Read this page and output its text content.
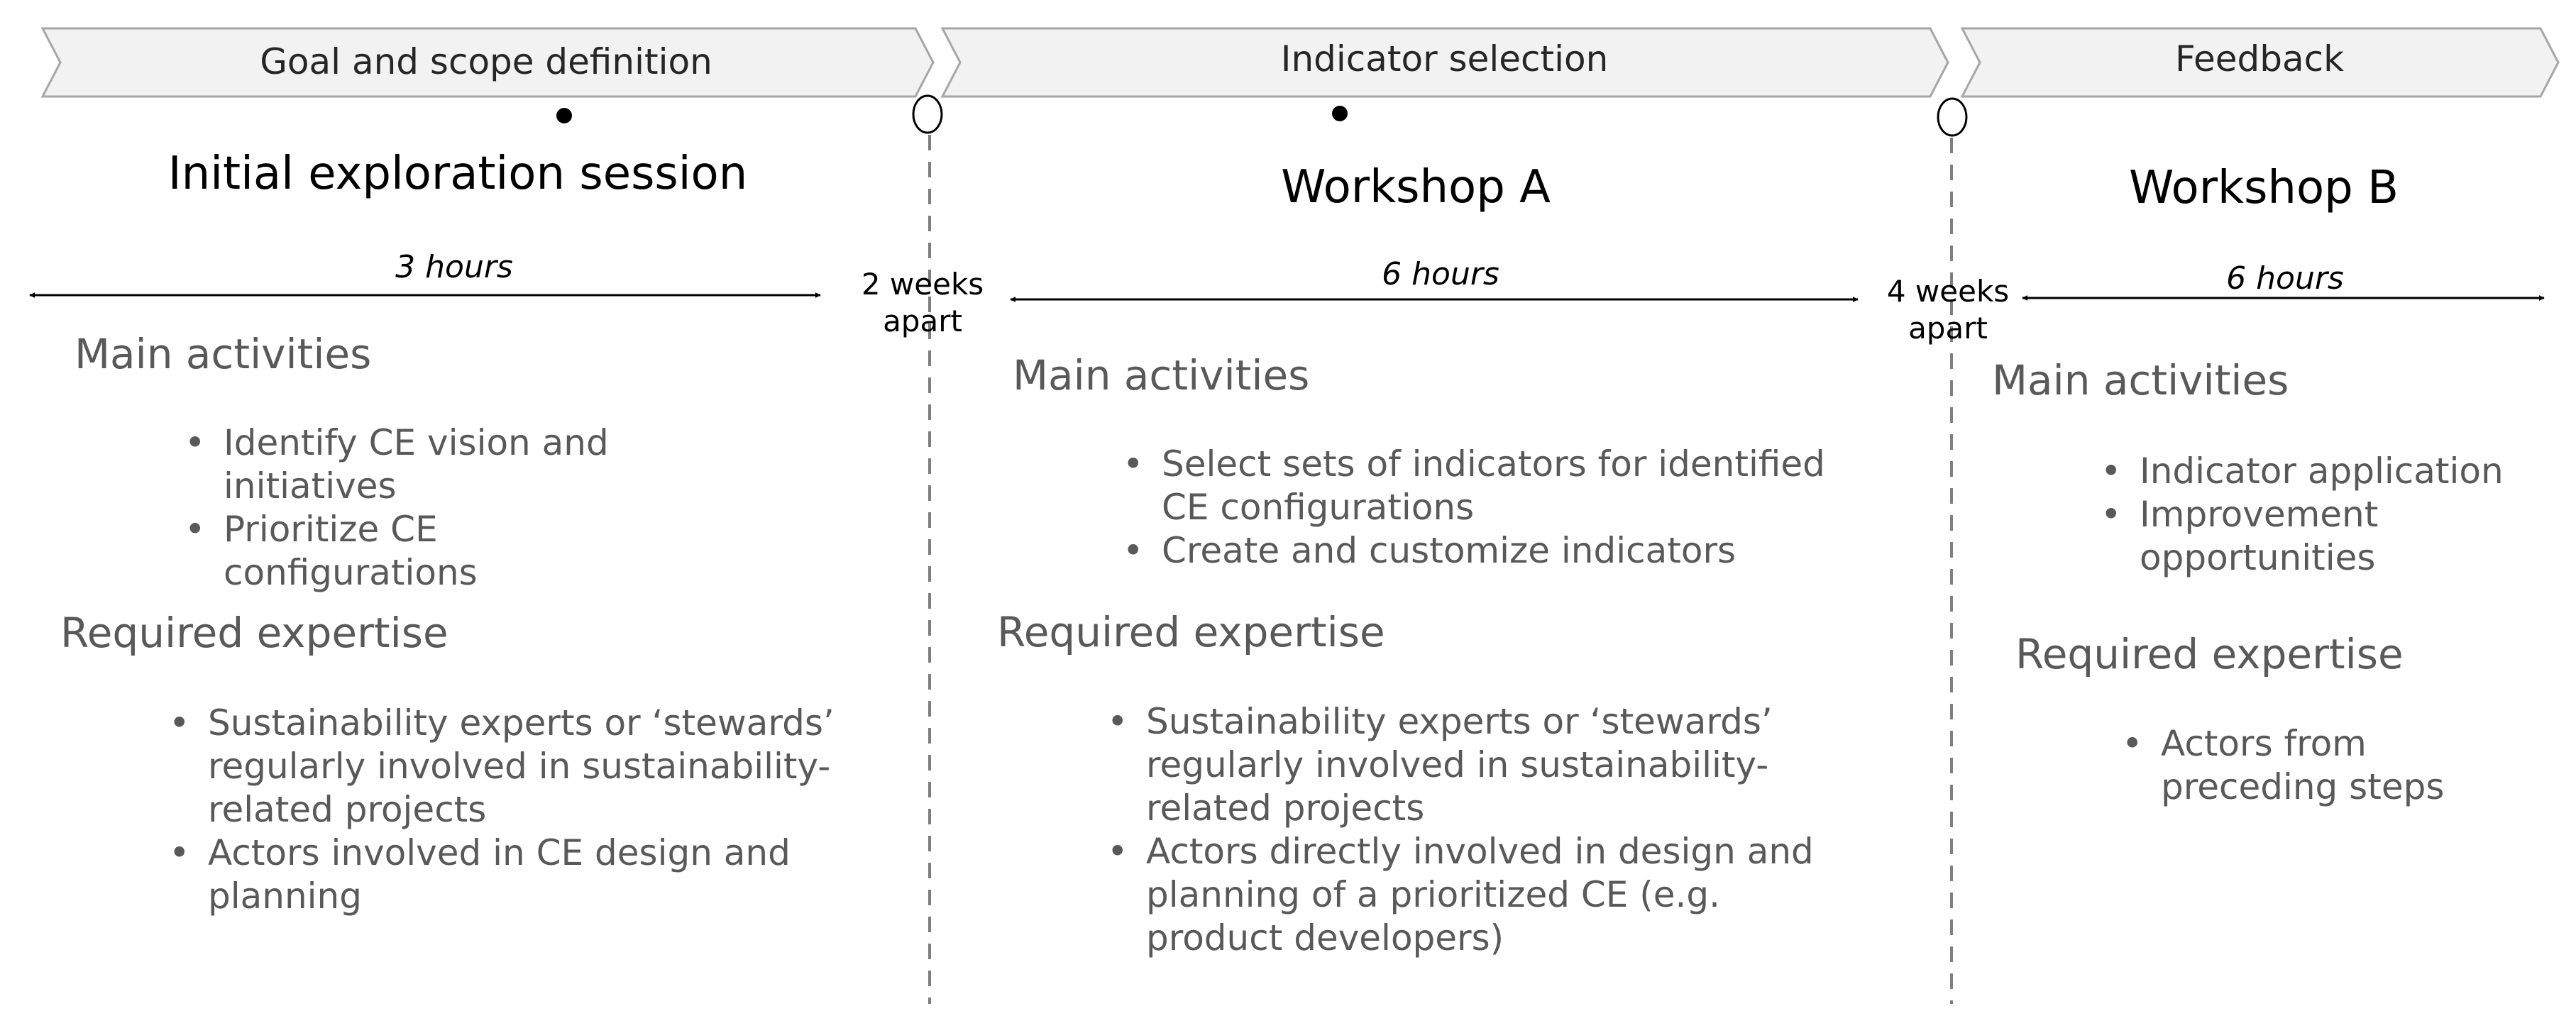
Goal and scope definition	Indicator selection	Feedback
Initial exploration session	Workshop A	Workshop B
3 hours	6 hours	6 hours
2 weeks apart
4 weeks apart
Main activities
• Identify CE vision and initiatives
• Prioritize CE configurations
Required expertise
• Sustainability experts or ‘stewards’ regularly involved in sustainability-related projects
• Actors involved in CE design and planning
Main activities
• Select sets of indicators for identified CE configurations
• Create and customize indicators
Required expertise
• Sustainability experts or ‘stewards’ regularly involved in sustainability-related projects
• Actors directly involved in design and planning of a prioritized CE (e.g. product developers)
Main activities
• Indicator application
• Improvement opportunities
Required expertise
• Actors from preceding steps
